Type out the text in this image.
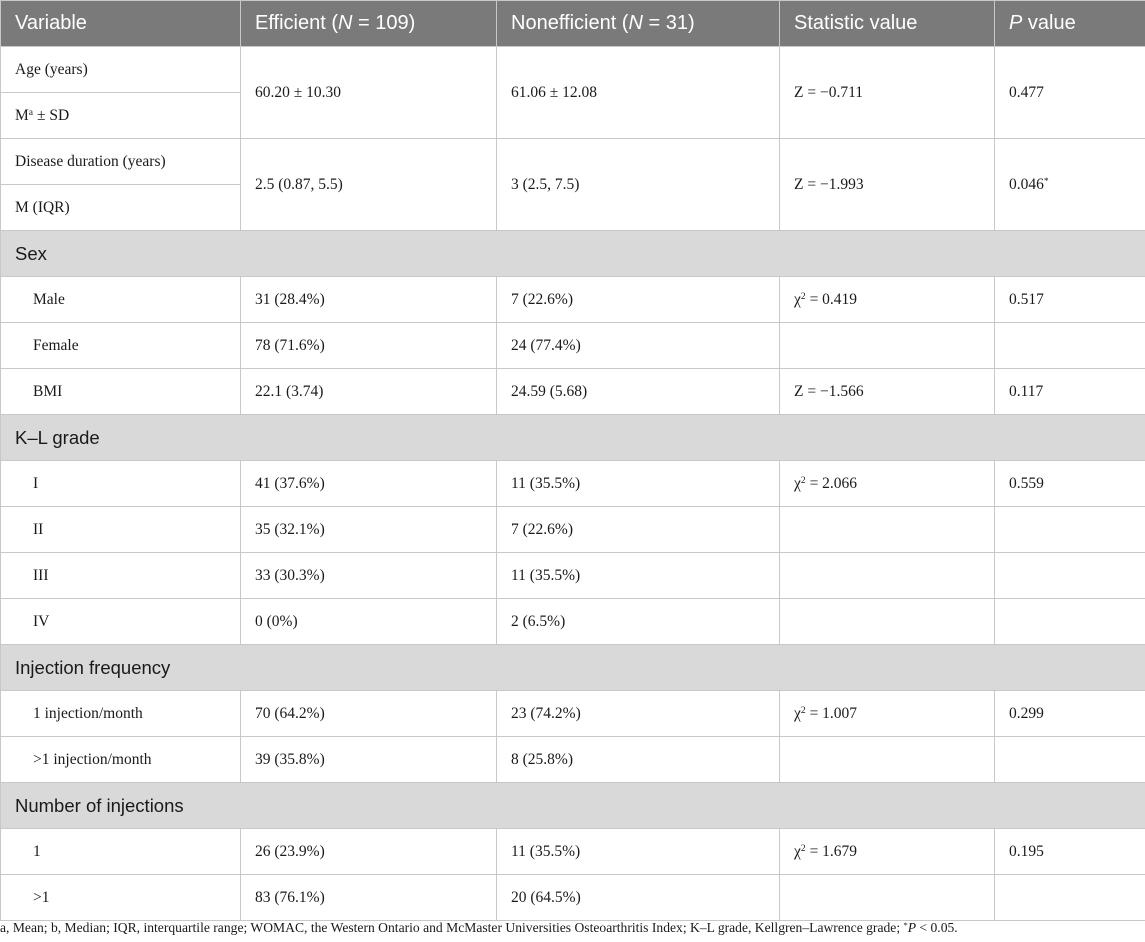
Variable	Efficient (N = 109)	Nonefficient (N = 31)	Statistic value	P value
Age (years)	60.20 ± 10.30	61.06 ± 12.08	Z = −0.711	0.477
$M^a$ ± SD				
Disease duration (years)	2.5 (0.87, 5.5)	3 (2.5, 7.5)	Z = −1.993	0.046*
M (IQR)				
Sex				
Male	31 (28.4%)	7 (22.6%)	$\chi^2 = 0.419$	0.517
Female	78 (71.6%)	24 (77.4%)		
BMI	22.1 (3.74)	24.59 (5.68)	Z = −1.566	0.117
K–L grade				
I	41 (37.6%)	11 (35.5%)	$\chi^2 = 2.066$	0.559
II	35 (32.1%)	7 (22.6%)		
III	33 (30.3%)	11 (35.5%)		
IV	0 (0%)	2 (6.5%)		
Injection frequency				
1 injection/month	70 (64.2%)	23 (74.2%)	$\chi^2 = 1.007$	0.299
>1 injection/month	39 (35.8%)	8 (25.8%)		
Number of injections				
1	26 (23.9%)	11 (35.5%)	$\chi^2 = 1.679$	0.195
>1	83 (76.1%)	20 (64.5%)		
a, Mean; b, Median; IQR, interquartile range; WOMAC, the Western Ontario and McMaster Universities Osteoarthritis Index; K–L grade, Kellgren–Lawrence grade; *P < 0.05.
